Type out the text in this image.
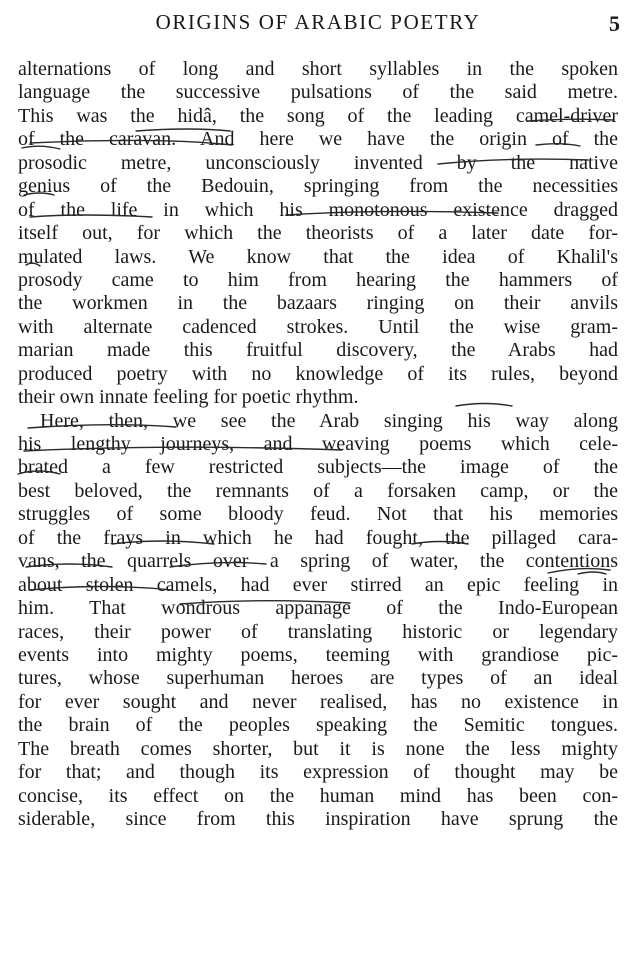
ORIGINS OF ARABIC POETRY	5
alternations of long and short syllables in the spoken
language the successive pulsations of the said metre.
This was the hidâ, the song of the leading camel-driver
of the caravan. And here we have the origin of the
prosodic metre, unconsciously invented by the native
genius of the Bedouin, springing from the necessities
of the life in which his monotonous existence dragged
itself out, for which the theorists of a later date for-
mulated laws. We know that the idea of Khalil's
prosody came to him from hearing the hammers of
the workmen in the bazaars ringing on their anvils
with alternate cadenced strokes. Until the wise gram-
marian made this fruitful discovery, the Arabs had
produced poetry with no knowledge of its rules, beyond
their own innate feeling for poetic rhythm.
Here, then, we see the Arab singing his way along
his lengthy journeys, and weaving poems which cele-
brated a few restricted subjects—the image of the
best beloved, the remnants of a forsaken camp, or the
struggles of some bloody feud. Not that his memories
of the frays in which he had fought, the pillaged cara-
vans, the quarrels over a spring of water, the contentions
about stolen camels, had ever stirred an epic feeling in
him. That wondrous appanage of the Indo-European
races, their power of translating historic or legendary
events into mighty poems, teeming with grandiose pic-
tures, whose superhuman heroes are types of an ideal
for ever sought and never realised, has no existence in
the brain of the peoples speaking the Semitic tongues.
The breath comes shorter, but it is none the less mighty
for that; and though its expression of thought may be
concise, its effect on the human mind has been con-
siderable, since from this inspiration have sprung the
